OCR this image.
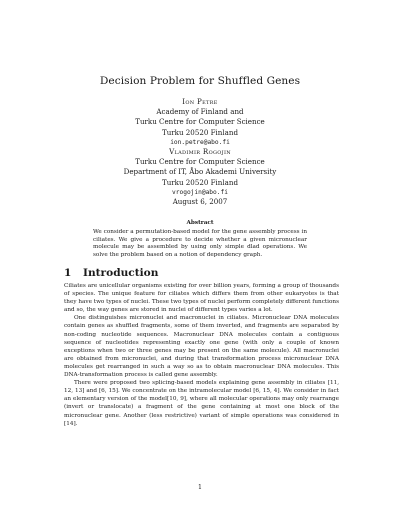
Decision Problem for Shuffled Genes
Ion Petre
Academy of Finland and
Turku Centre for Computer Science
Turku 20520 Finland
ion.petre@abo.fi
Vladimir Rogojin
Turku Centre for Computer Science
Department of IT, Åbo Akademi University
Turku 20520 Finland
vrogojin@abo.fi
August 6, 2007
Abstract
We consider a permutation-based model for the gene assembly process in ciliates. We give a procedure to decide whether a given micronuclear molecule may be assembled by using only simple dlad operations. We solve the problem based on a notion of dependency graph.
1 Introduction

Ciliates are unicellular organisms existing for over billion years, forming a group of thousands of species. The unique feature for ciliates which differs them from other eukaryotes is that they have two types of nuclei. These two types of nuclei perform completely different functions and so, the way genes are stored in nuclei of different types varies a lot.

One distinguishes micronuclei and macronuclei in ciliates. Micronuclear DNA molecules contain genes as shuffled fragments, some of them inverted, and fragments are separated by non-coding nucleotide sequences. Macronuclear DNA molecules contain a contiguous sequence of nucleotides representing exactly one gene (with only a couple of known exceptions when two or three genes may be present on the same molecule). All macronuclei are obtained from micronuclei, and during that transformation process micronuclear DNA molecules get rearranged in such a way so as to obtain macronuclear DNA molecules. This DNA-transformation process is called gene assembly.

There were proposed two splicing-based models explaining gene assembly in ciliates [11, 12, 13] and [6, 15]. We concentrate on the intramolecular model [6, 15, 4]. We consider in fact an elementary version of the model[10, 9], where all molecular operations may only rearrange (invert or translocate) a fragment of the gene containing at most one block of the micronuclear gene. Another (less restrictive) variant of simple operations was considered in [14].

1
